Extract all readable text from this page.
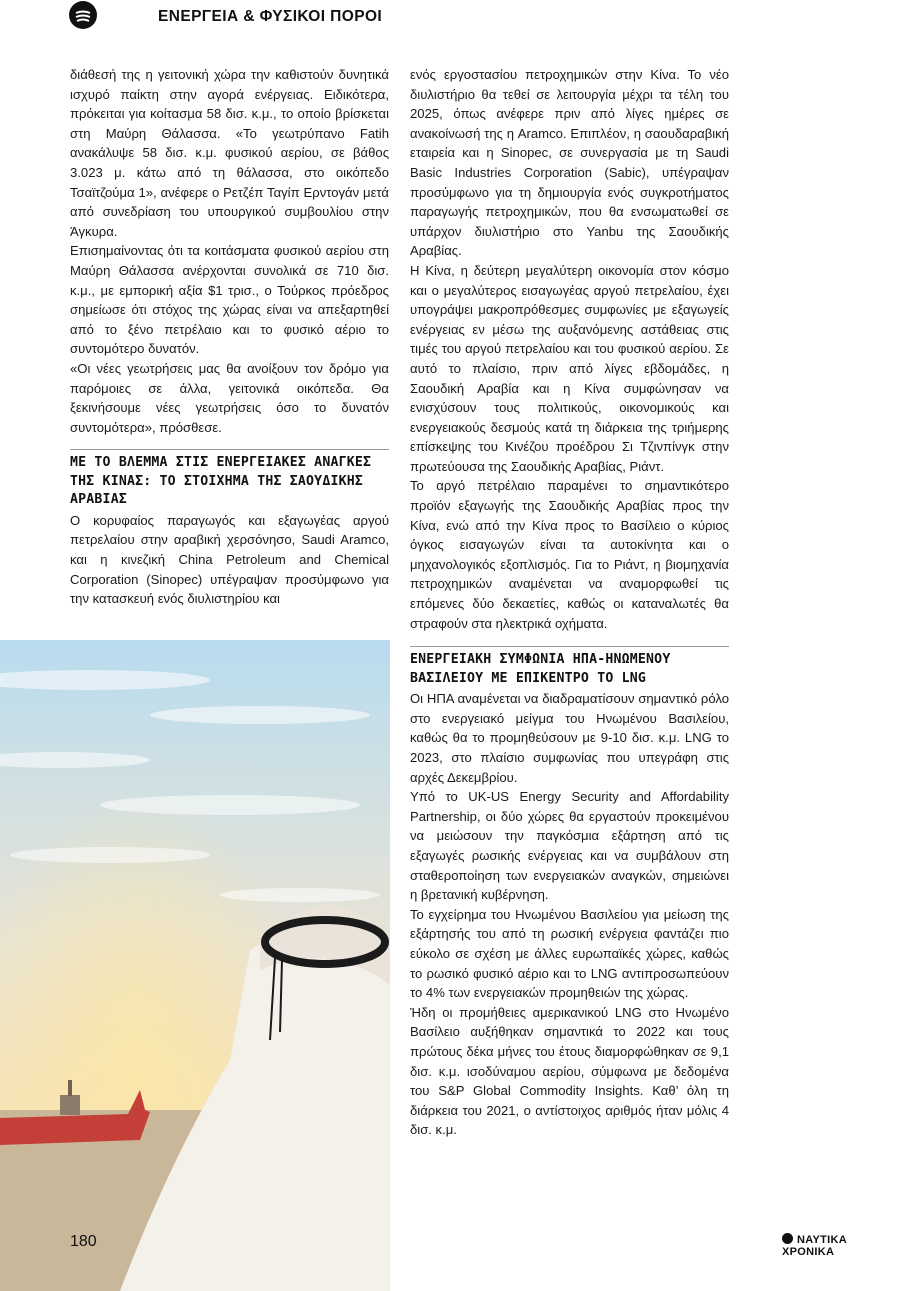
ΕΝΕΡΓΕΙΑ & ΦΥΣΙΚΟΙ ΠΟΡΟΙ

διάθεσή της η γειτονική χώρα την καθιστούν δυνητικά ισχυρό παίκτη στην αγορά ενέργειας. Ειδικότερα, πρόκειται για κοίτασμα 58 δισ. κ.μ., το οποίο βρίσκεται στη Μαύρη Θάλασσα. «Το γεωτρύπανο Fatih ανακάλυψε 58 δισ. κ.μ. φυσικού αερίου, σε βάθος 3.023 μ. κάτω από τη θάλασσα, στο οικόπεδο Τσαϊτζούμα 1», ανέφερε ο Ρετζέπ Ταγίπ Ερντογάν μετά από συνεδρίαση του υπουργικού συμβουλίου στην Άγκυρα.

Επισημαίνοντας ότι τα κοιτάσματα φυσικού αερίου στη Μαύρη Θάλασσα ανέρχονται συνολικά σε 710 δισ. κ.μ., με εμπορική αξία $1 τρισ., ο Τούρκος πρόεδρος σημείωσε ότι στόχος της χώρας είναι να απεξαρτηθεί από το ξένο πετρέλαιο και το φυσικό αέριο το συντομότερο δυνατόν.

«Οι νέες γεωτρήσεις μας θα ανοίξουν τον δρόμο για παρόμοιες σε άλλα, γειτονικά οικόπεδα. Θα ξεκινήσουμε νέες γεωτρήσεις όσο το δυνατόν συντομότερα», πρόσθεσε.

ΜΕ ΤΟ ΒΛΕΜΜΑ ΣΤΙΣ ΕΝΕΡΓΕΙΑΚΕΣ ΑΝΑΓΚΕΣ ΤΗΣ ΚΙΝΑΣ: ΤΟ ΣΤΟΙΧΗΜΑ ΤΗΣ ΣΑΟΥΔΙΚΗΣ ΑΡΑΒΙΑΣ

Ο κορυφαίος παραγωγός και εξαγωγέας αργού πετρελαίου στην αραβική χερσόνησο, Saudi Aramco, και η κινεζική China Petroleum and Chemical Corporation (Sinopec) υπέγραψαν προσύμφωνο για την κατασκευή ενός διυλιστηρίου και

ενός εργοστασίου πετροχημικών στην Κίνα. Το νέο διυλιστήριο θα τεθεί σε λειτουργία μέχρι τα τέλη του 2025, όπως ανέφερε πριν από λίγες ημέρες σε ανακοίνωσή της η Aramco. Επιπλέον, η σαουδαραβική εταιρεία και η Sinopec, σε συνεργασία με τη Saudi Basic Industries Corporation (Sabic), υπέγραψαν προσύμφωνο για τη δημιουργία ενός συγκροτήματος παραγωγής πετροχημικών, που θα ενσωματωθεί σε υπάρχον διυλιστήριο στο Yanbu της Σαουδικής Αραβίας.

Η Κίνα, η δεύτερη μεγαλύτερη οικονομία στον κόσμο και ο μεγαλύτερος εισαγωγέας αργού πετρελαίου, έχει υπογράψει μακροπρόθεσμες συμφωνίες με εξαγωγείς ενέργειας εν μέσω της αυξανόμενης αστάθειας στις τιμές του αργού πετρελαίου και του φυσικού αερίου. Σε αυτό το πλαίσιο, πριν από λίγες εβδομάδες, η Σαουδική Αραβία και η Κίνα συμφώνησαν να ενισχύσουν τους πολιτικούς, οικονομικούς και ενεργειακούς δεσμούς κατά τη διάρκεια της τριήμερης επίσκεψης του Κινέζου προέδρου Σι Τζινπίνγκ στην πρωτεύουσα της Σαουδικής Αραβίας, Ριάντ.

Το αργό πετρέλαιο παραμένει το σημαντικότερο προϊόν εξαγωγής της Σαουδικής Αραβίας προς την Κίνα, ενώ από την Κίνα προς το Βασίλειο ο κύριος όγκος εισαγωγών είναι τα αυτοκίνητα και ο μηχανολογικός εξοπλισμός. Για το Ριάντ, η βιομηχανία πετροχημικών αναμένεται να αναμορφωθεί τις επόμενες δύο δεκαετίες, καθώς οι καταναλωτές θα στραφούν στα ηλεκτρικά οχήματα.

ΕΝΕΡΓΕΙΑΚΗ ΣΥΜΦΩΝΙΑ ΗΠΑ-ΗΝΩΜΕΝΟΥ ΒΑΣΙΛΕΙΟΥ ΜΕ ΕΠΙΚΕΝΤΡΟ ΤΟ LNG

Οι ΗΠΑ αναμένεται να διαδραματίσουν σημαντικό ρόλο στο ενεργειακό μείγμα του Ηνωμένου Βασιλείου, καθώς θα το προμηθεύσουν με 9-10 δισ. κ.μ. LNG το 2023, στο πλαίσιο συμφωνίας που υπεγράφη στις αρχές Δεκεμβρίου.

Υπό το UK-US Energy Security and Affordability Partnership, οι δύο χώρες θα εργαστούν προκειμένου να μειώσουν την παγκόσμια εξάρτηση από τις εξαγωγές ρωσικής ενέργειας και να συμβάλουν στη σταθεροποίηση των ενεργειακών αναγκών, σημειώνει η βρετανική κυβέρνηση.

Το εγχείρημα του Ηνωμένου Βασιλείου για μείωση της εξάρτησής του από τη ρωσική ενέργεια φαντάζει πιο εύκολο σε σχέση με άλλες ευρωπαϊκές χώρες, καθώς το ρωσικό φυσικό αέριο και το LNG αντιπροσωπεύουν το 4% των ενεργειακών προμηθειών της χώρας.

Ήδη οι προμήθειες αμερικανικού LNG στο Ηνωμένο Βασίλειο αυξήθηκαν σημαντικά το 2022 και τους πρώτους δέκα μήνες του έτους διαμορφώθηκαν σε 9,1 δισ. κ.μ. ισοδύναμου αερίου, σύμφωνα με δεδομένα του S&P Global Commodity Insights. Καθ’ όλη τη διάρκεια του 2021, ο αντίστοιχος αριθμός ήταν μόλις 4 δισ. κ.μ.

180	ΝΑΥΤΙΚΑ ΧΡΟΝΙΚΑ
